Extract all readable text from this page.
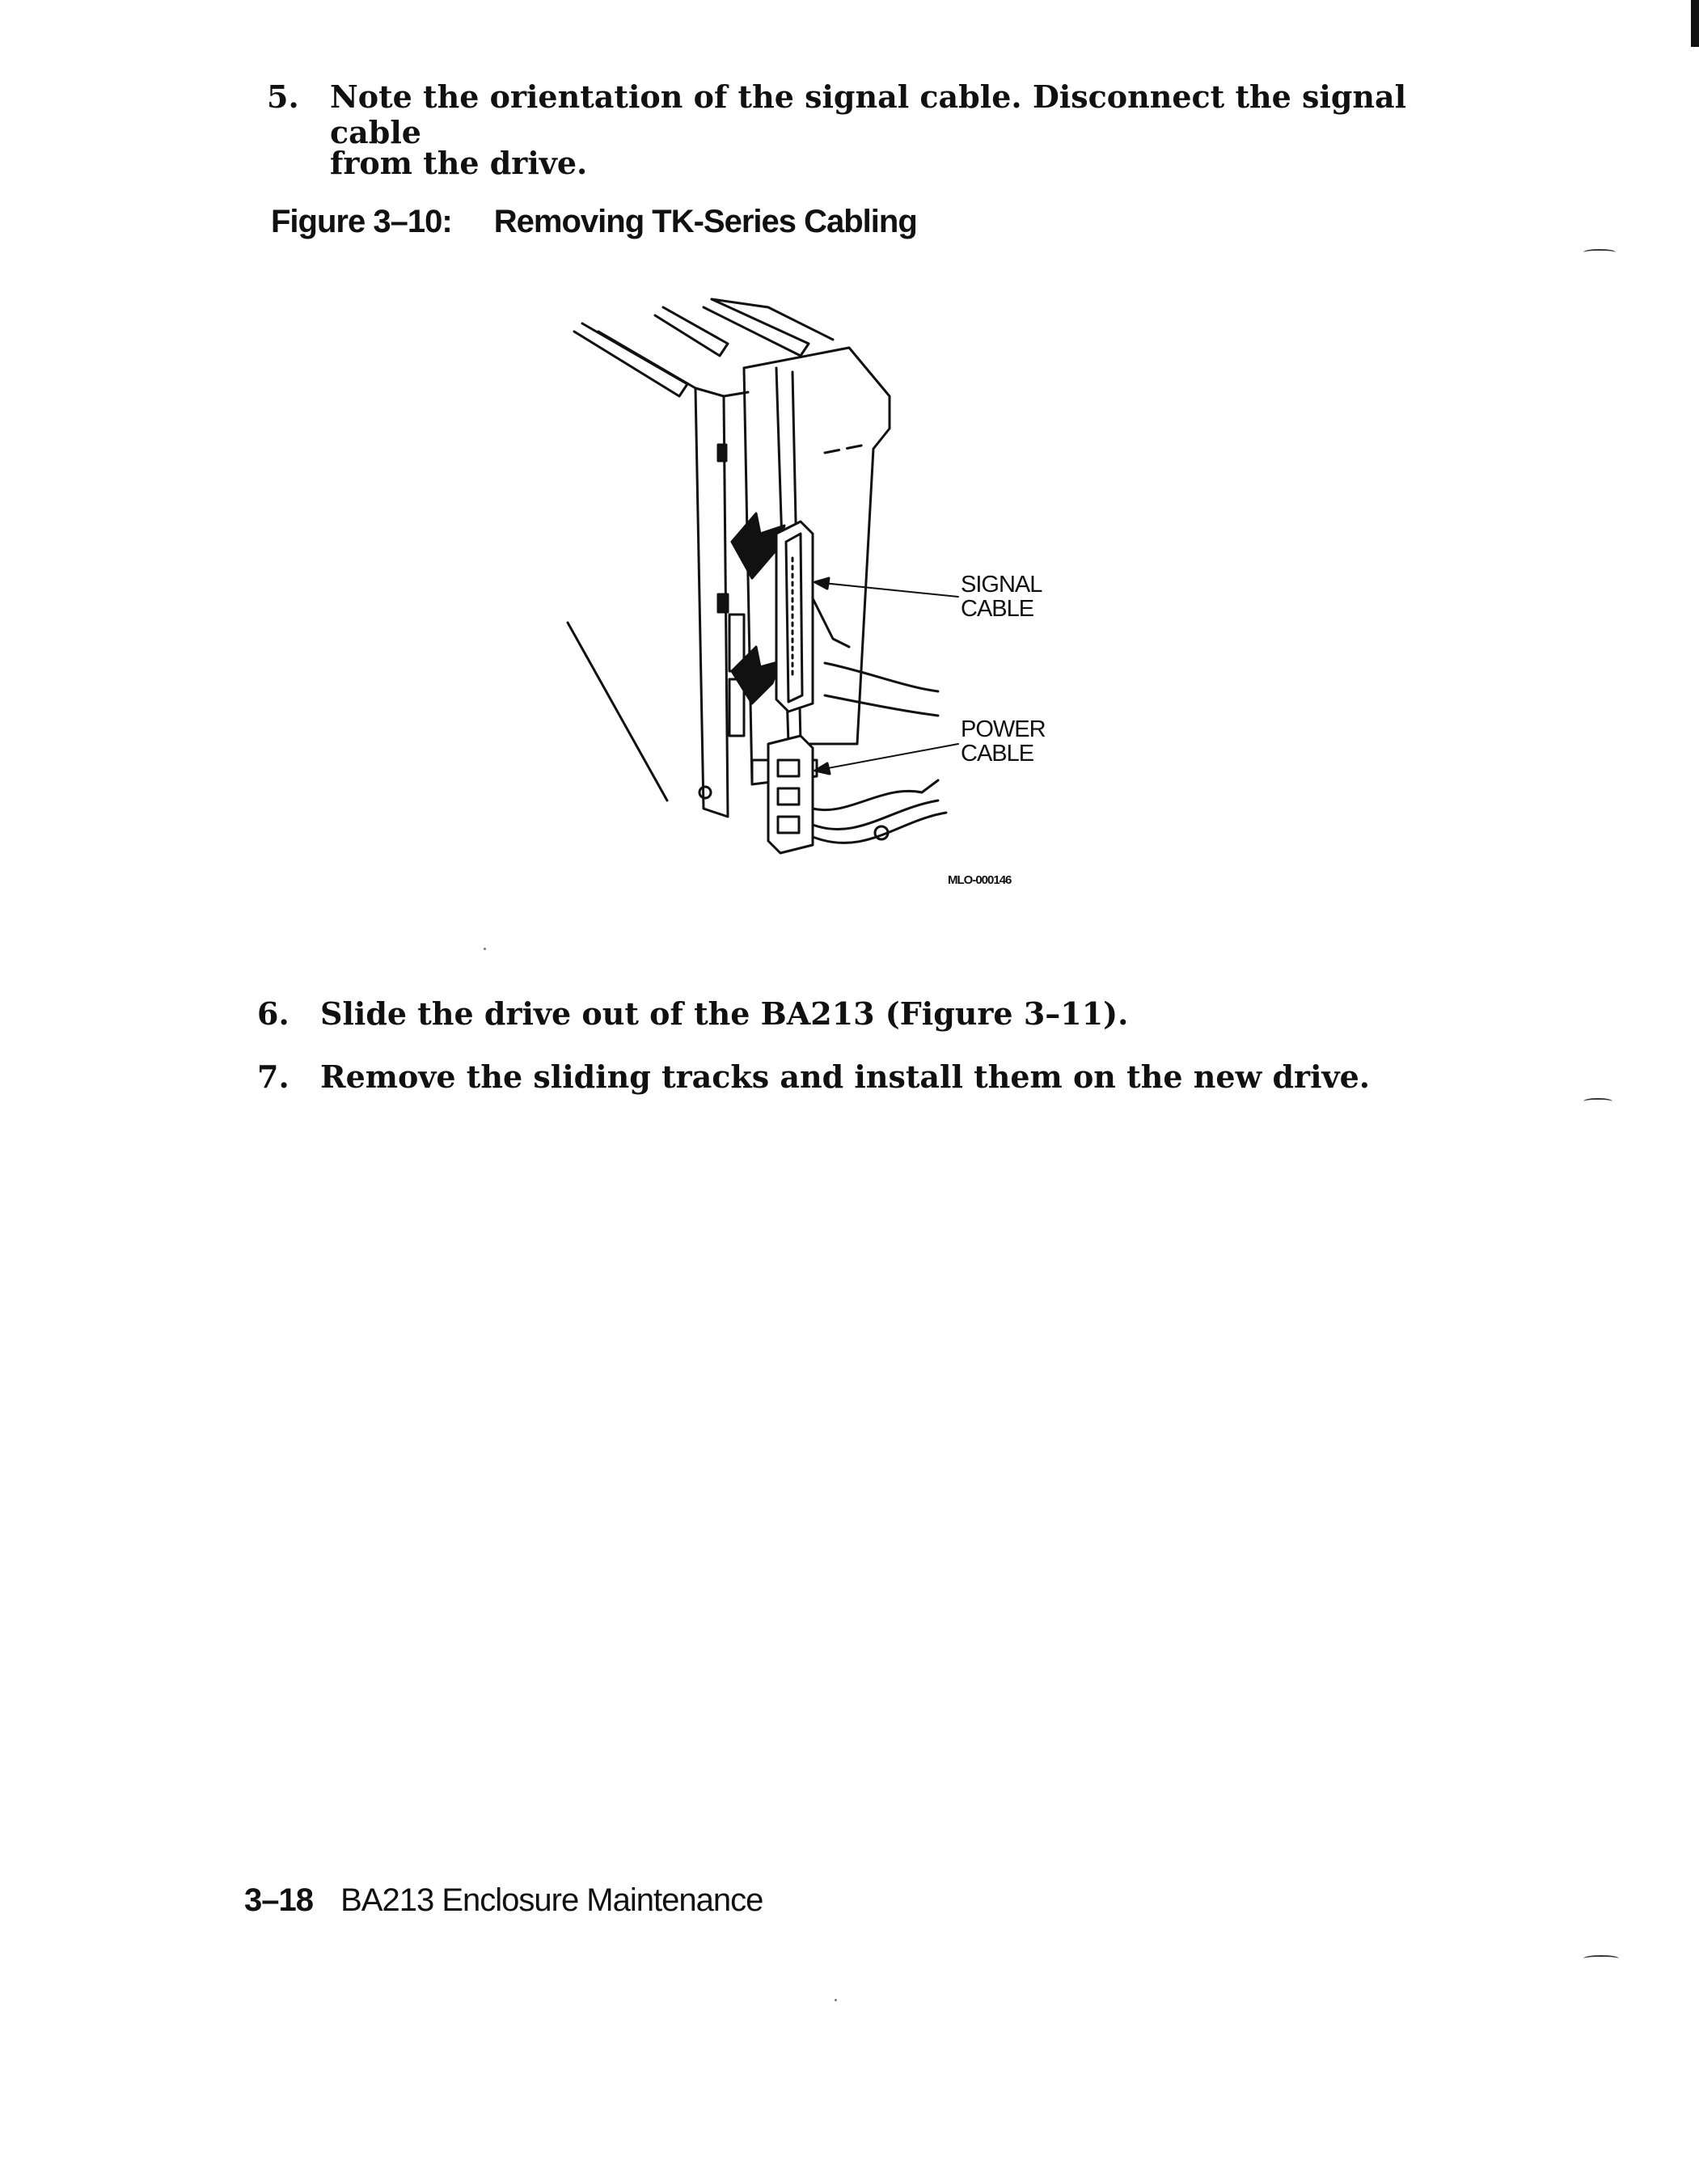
5. Note the orientation of the signal cable. Disconnect the signal cable
from the drive.
Figure 3–10: Removing TK-Series Cabling
SIGNAL
CABLE
POWER
CABLE
MLO-000146
6. Slide the drive out of the BA213 (Figure 3–11).
7. Remove the sliding tracks and install them on the new drive.
3–18 BA213 Enclosure Maintenance
